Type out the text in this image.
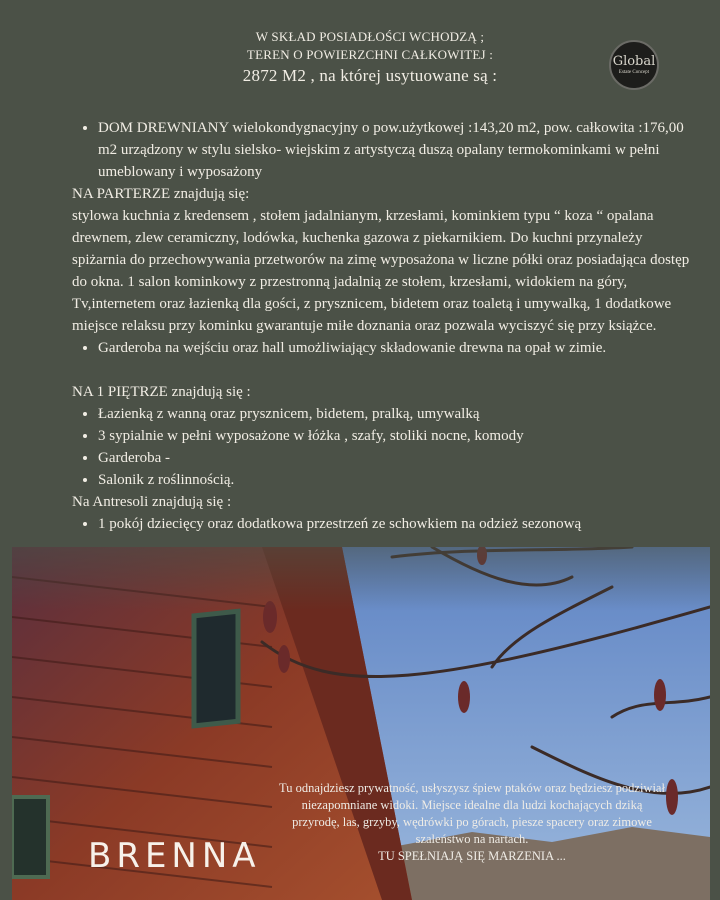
W SKŁAD POSIADŁOŚCI WCHODZĄ ;
TEREN O POWIERZCHNI CAŁKOWITEJ :
2872 M2 , na której usytuowane są :
Global
Estate Concept
• DOM DREWNIANY wielokondygnacyjny o pow.użytkowej :143,20 m2, pow. całkowita :176,00 m2 urządzony w stylu sielsko- wiejskim z artystyczą duszą opalany termokominkami w pełni umeblowany i wyposażony

NA PARTERZE znajdują się:

stylowa kuchnia z kredensem , stołem jadalnianym, krzesłami, kominkiem typu “ koza “ opalana drewnem, zlew ceramiczny, lodówka, kuchenka gazowa z piekarnikiem. Do kuchni przynależy spiżarnia do przechowywania przetworów na zimę wyposażona w liczne półki oraz posiadająca dostęp do okna. 1 salon kominkowy z przestronną jadalnią ze stołem, krzesłami, widokiem na góry, Tv,internetem oraz łazienką dla gości, z prysznicem, bidetem oraz toaletą i umywalką, 1 dodatkowe miejsce relaksu przy kominku gwarantuje miłe doznania oraz pozwala wyciszyć się przy książce.

• Garderoba na wejściu oraz hall umożliwiający składowanie drewna na opał w zimie.

NA 1 PIĘTRZE znajdują się :

• Łazienką z wanną oraz prysznicem, bidetem, pralką, umywalką
• 3 sypialnie w pełni wyposażone w łóżka , szafy, stoliki nocne, komody
• Garderoba -
• Salonik z roślinnością.

Na Antresoli znajdują się :

• 1 pokój dziecięcy oraz dodatkowa przestrzeń ze schowkiem na odzież sezonową
BRENNA
Tu odnajdziesz prywatność, usłyszysz śpiew ptaków oraz będziesz podziwiał
niezapomniane widoki. Miejsce idealne dla ludzi kochających dziką
przyrodę, las, grzyby, wędrówki po górach, piesze spacery oraz zimowe
szaleństwo na nartach.
TU SPEŁNIAJĄ SIĘ MARZENIA ...
